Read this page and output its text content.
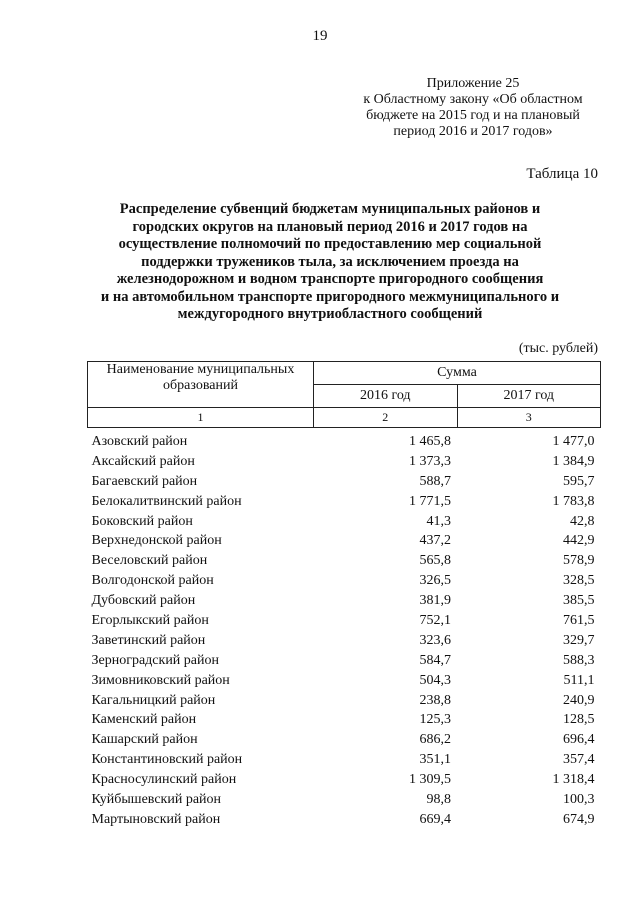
19
Приложение 25
к Областному закону «Об областном
бюджете на 2015 год и на плановый
период 2016 и 2017 годов»
Таблица 10
Распределение субвенций бюджетам муниципальных районов и
городских округов на плановый период 2016 и 2017 годов на
осуществление полномочий по предоставлению мер социальной
поддержки тружеников тыла, за исключением проезда на
железнодорожном и водном транспорте пригородного сообщения
и на автомобильном транспорте пригородного межмуниципального и
междугородного внутриобластного сообщений
(тыс. рублей)
Наименование муниципальных
образований	Сумма	
	2016 год	2017 год
1	2	3
Азовский район	1 465,8	1 477,0
Аксайский район	1 373,3	1 384,9
Багаевский район	588,7	595,7
Белокалитвинский район	1 771,5	1 783,8
Боковский район	41,3	42,8
Верхнедонской район	437,2	442,9
Веселовский район	565,8	578,9
Волгодонской район	326,5	328,5
Дубовский район	381,9	385,5
Егорлыкский район	752,1	761,5
Заветинский район	323,6	329,7
Зерноградский район	584,7	588,3
Зимовниковский район	504,3	511,1
Кагальницкий район	238,8	240,9
Каменский район	125,3	128,5
Кашарский район	686,2	696,4
Константиновский район	351,1	357,4
Красносулинский район	1 309,5	1 318,4
Куйбышевский район	98,8	100,3
Мартыновский район	669,4	674,9
